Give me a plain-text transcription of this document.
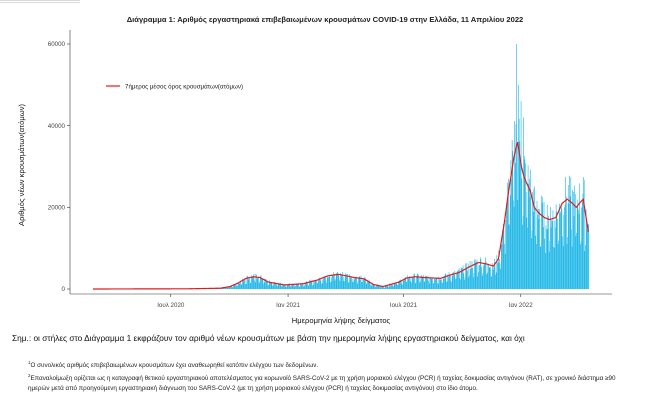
Διάγραμμα 1: Αριθμός εργαστηριακά επιβεβαιωμένων κρουσμάτων COVID-19 στην Ελλάδα, 11 Απριλίου 2022
0
20000
40000
60000
Ιουλ 2020	Ιαν 2021	Ιουλ 2021	Ιαν 2022
7ήμερος μέσος όρος κρουσμάτων(ατόμων)
Ημερομηνία λήψης δείγματος
Αριθμός νέων κρουσμάτων(ατόμων)
Σημ.: οι στήλες στο Διάγραμμα 1 εκφράζουν τον αριθμό νέων κρουσμάτων με βάση την ημερομηνία λήψης εργαστηριακού δείγματος, και όχι
$^1$Ο συνολικός αριθμός επιβεβαιωμένων κρουσμάτων έχει αναθεωρηθεί κατόπιν ελέγχου των δεδομένων.
$^2$Επαναλοίμωξη ορίζεται ως η καταγραφή θετικού εργαστηριακού αποτελέσματος για κορωνοϊό SARS-CoV-2 με τη χρήση μοριακού ελέγχου (PCR) ή ταχείας δοκιμασίας αντιγόνου (RAT), σε χρονικό διάστημα ≥90 ημερών μετά από προηγούμενη εργαστηριακή διάγνωση του SARS-CoV-2 (με τη χρήση μοριακού ελέγχου (PCR) ή ταχείας δοκιμασίας αντιγόνου) στο ίδιο άτομο.
